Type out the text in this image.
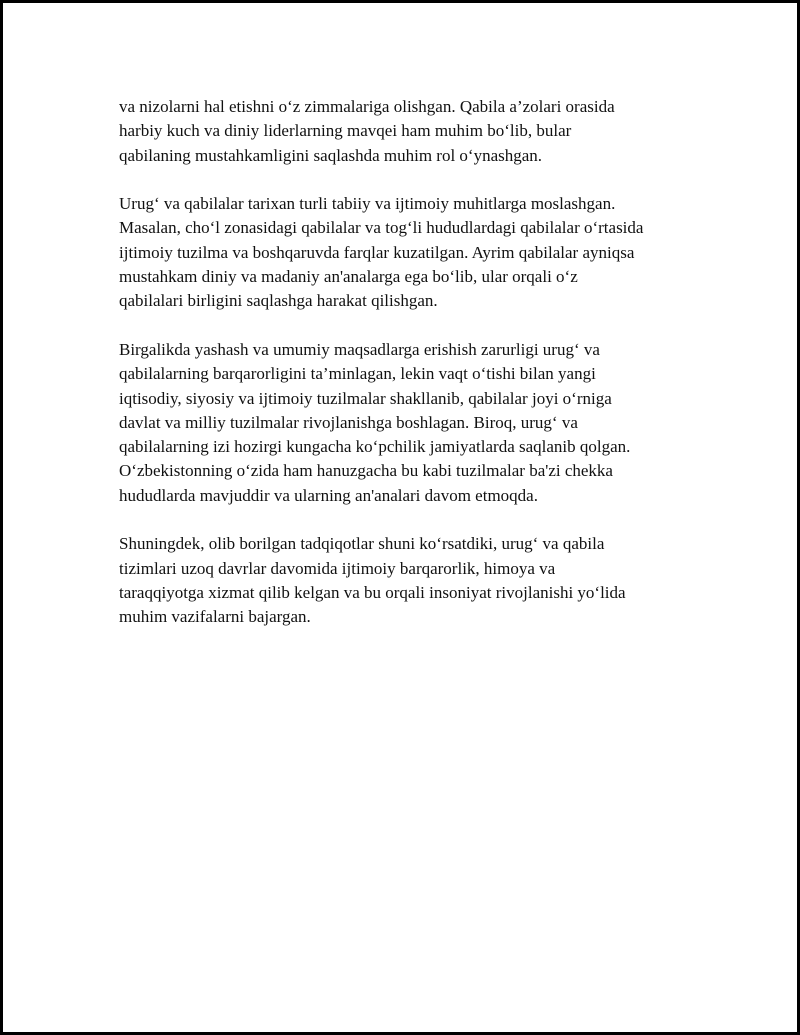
va nizolarni hal etishni o‘z zimmalariga olishgan. Qabila a’zolari orasida
harbiy kuch va diniy liderlarning mavqei ham muhim bo‘lib, bular
qabilaning mustahkamligini saqlashda muhim rol o‘ynashgan.

Urug‘ va qabilalar tarixan turli tabiiy va ijtimoiy muhitlarga moslashgan.
Masalan, cho‘l zonasidagi qabilalar va tog‘li hududlardagi qabilalar o‘rtasida
ijtimoiy tuzilma va boshqaruvda farqlar kuzatilgan. Ayrim qabilalar ayniqsa
mustahkam diniy va madaniy an'analarga ega bo‘lib, ular orqali o‘z
qabilalari birligini saqlashga harakat qilishgan.

Birgalikda yashash va umumiy maqsadlarga erishish zarurligi urug‘ va
qabilalarning barqarorligini ta’minlagan, lekin vaqt o‘tishi bilan yangi
iqtisodiy, siyosiy va ijtimoiy tuzilmalar shakllanib, qabilalar joyi o‘rniga
davlat va milliy tuzilmalar rivojlanishga boshlagan. Biroq, urug‘ va
qabilalarning izi hozirgi kungacha ko‘pchilik jamiyatlarda saqlanib qolgan.
O‘zbekistonning o‘zida ham hanuzgacha bu kabi tuzilmalar ba'zi chekka
hududlarda mavjuddir va ularning an'analari davom etmoqda.

Shuningdek, olib borilgan tadqiqotlar shuni ko‘rsatdiki, urug‘ va qabila
tizimlari uzoq davrlar davomida ijtimoiy barqarorlik, himoya va
taraqqiyotga xizmat qilib kelgan va bu orqali insoniyat rivojlanishi yo‘lida
muhim vazifalarni bajargan.
